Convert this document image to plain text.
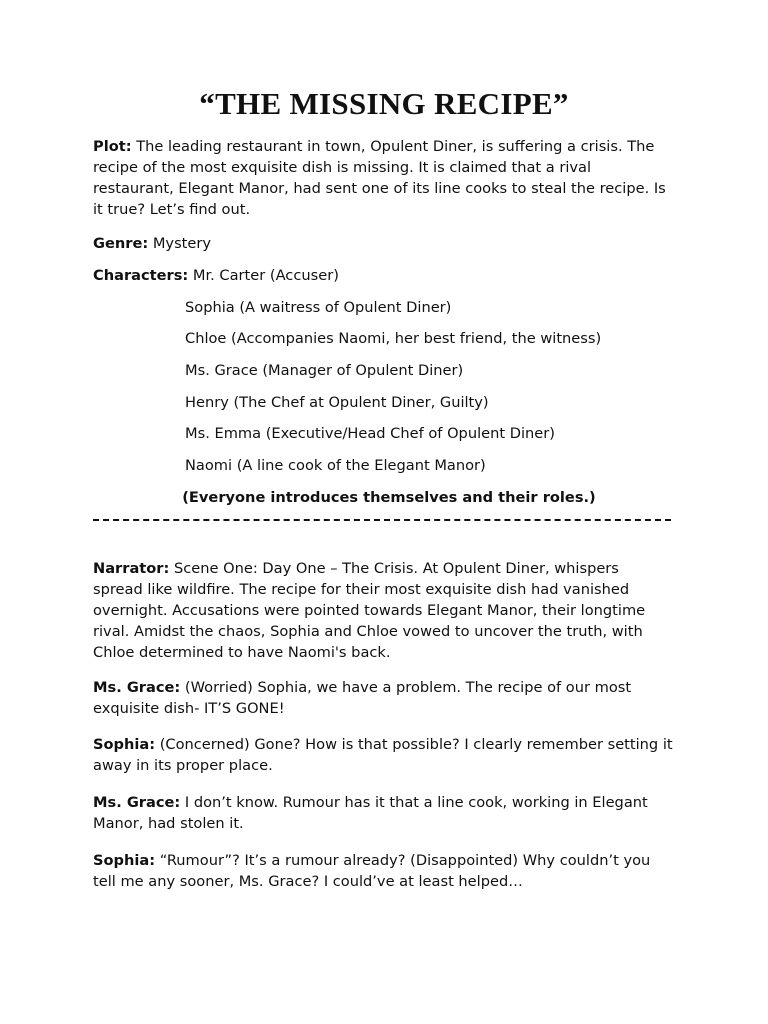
“THE MISSING RECIPE”
Plot: The leading restaurant in town, Opulent Diner, is suffering a crisis. The recipe of the most exquisite dish is missing. It is claimed that a rival restaurant, Elegant Manor, had sent one of its line cooks to steal the recipe. Is it true? Let’s find out.
Genre: Mystery
Characters: Mr. Carter (Accuser)
Sophia (A waitress of Opulent Diner)
Chloe (Accompanies Naomi, her best friend, the witness)
Ms. Grace (Manager of Opulent Diner)
Henry (The Chef at Opulent Diner, Guilty)
Ms. Emma (Executive/Head Chef of Opulent Diner)
Naomi (A line cook of the Elegant Manor)
(Everyone introduces themselves and their roles.)
Narrator: Scene One: Day One – The Crisis. At Opulent Diner, whispers spread like wildfire. The recipe for their most exquisite dish had vanished overnight. Accusations were pointed towards Elegant Manor, their longtime rival. Amidst the chaos, Sophia and Chloe vowed to uncover the truth, with Chloe determined to have Naomi's back.
Ms. Grace: (Worried) Sophia, we have a problem. The recipe of our most exquisite dish- IT’S GONE!
Sophia: (Concerned) Gone? How is that possible? I clearly remember setting it away in its proper place.
Ms. Grace: I don’t know. Rumour has it that a line cook, working in Elegant Manor, had stolen it.
Sophia: “Rumour”? It’s a rumour already? (Disappointed) Why couldn’t you tell me any sooner, Ms. Grace? I could’ve at least helped…
